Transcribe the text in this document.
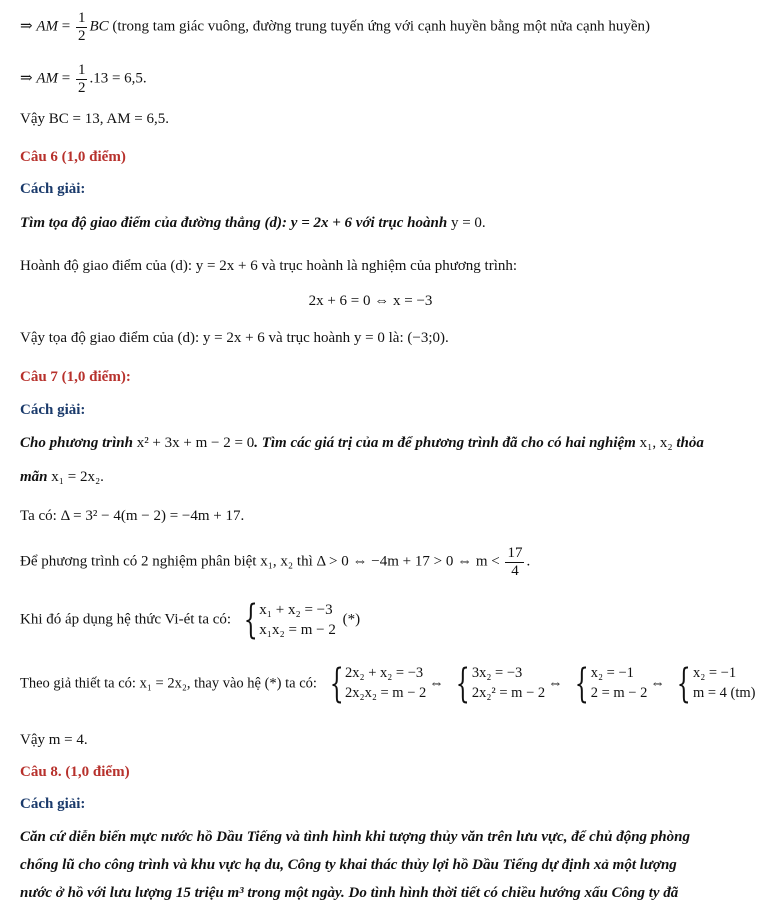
⇒ AM = $\frac{1}{2}$ BC (trong tam giác vuông, đường trung tuyến ứng với cạnh huyền bằng một nửa cạnh huyền)
⇒ AM = $\frac{1}{2} .13 = 6,5$.
Vậy BC = 13, AM = 6,5.
Câu 6 (1,0 điểm)
Cách giải:
Tìm tọa độ giao điểm của đường thẳng (d): y = 2x + 6 với trục hoành y = 0.
Hoành độ giao điểm của (d): y = 2x + 6 và trục hoành là nghiệm của phương trình:
2x + 6 = 0 ⇔ x = −3
Vậy tọa độ giao điểm của (d): y = 2x + 6 và trục hoành y = 0 là: (−3;0).
Câu 7 (1,0 điểm):
Cách giải:
Cho phương trình x² + 3x + m − 2 = 0. Tìm các giá trị của m để phương trình đã cho có hai nghiệm x₁, x₂ thỏa
mãn x₁ = 2x₂.
Ta có: Δ = 3² − 4(m − 2) = −4m + 17.
Để phương trình có 2 nghiệm phân biệt x₁, x₂ thì Δ > 0 ⇔ −4m + 17 > 0 ⇔ $m < \frac{17}{4}$ .
Khi đó áp dụng hệ thức Vi-ét ta có: { x₁ + x₂ = −3
x₁x₂ = m − 2
(*)
Theo giả thiết ta có: x₁ = 2x₂, thay vào hệ (*) ta có: { 2x₂ + x₂ = −3
2x₂x₂ = m − 2
⇔ { 3x₂ = −3
2x₂² = m − 2
⇔ { x₂ = −1
2 = m − 2
⇔ { x₂ = −1
m = 4 (tm)
Vậy m = 4.
Câu 8. (1,0 điểm)
Cách giải:
Căn cứ diễn biến mực nước hồ Dầu Tiếng và tình hình khi tượng thủy văn trên lưu vực, để chủ động phòng
chống lũ cho công trình và khu vực hạ du, Công ty khai thác thủy lợi hồ Dầu Tiếng dự định xả một lượng
nước ở hồ với lưu lượng 15 triệu m³ trong một ngày. Do tình hình thời tiết có chiều hướng xấu Công ty đã
